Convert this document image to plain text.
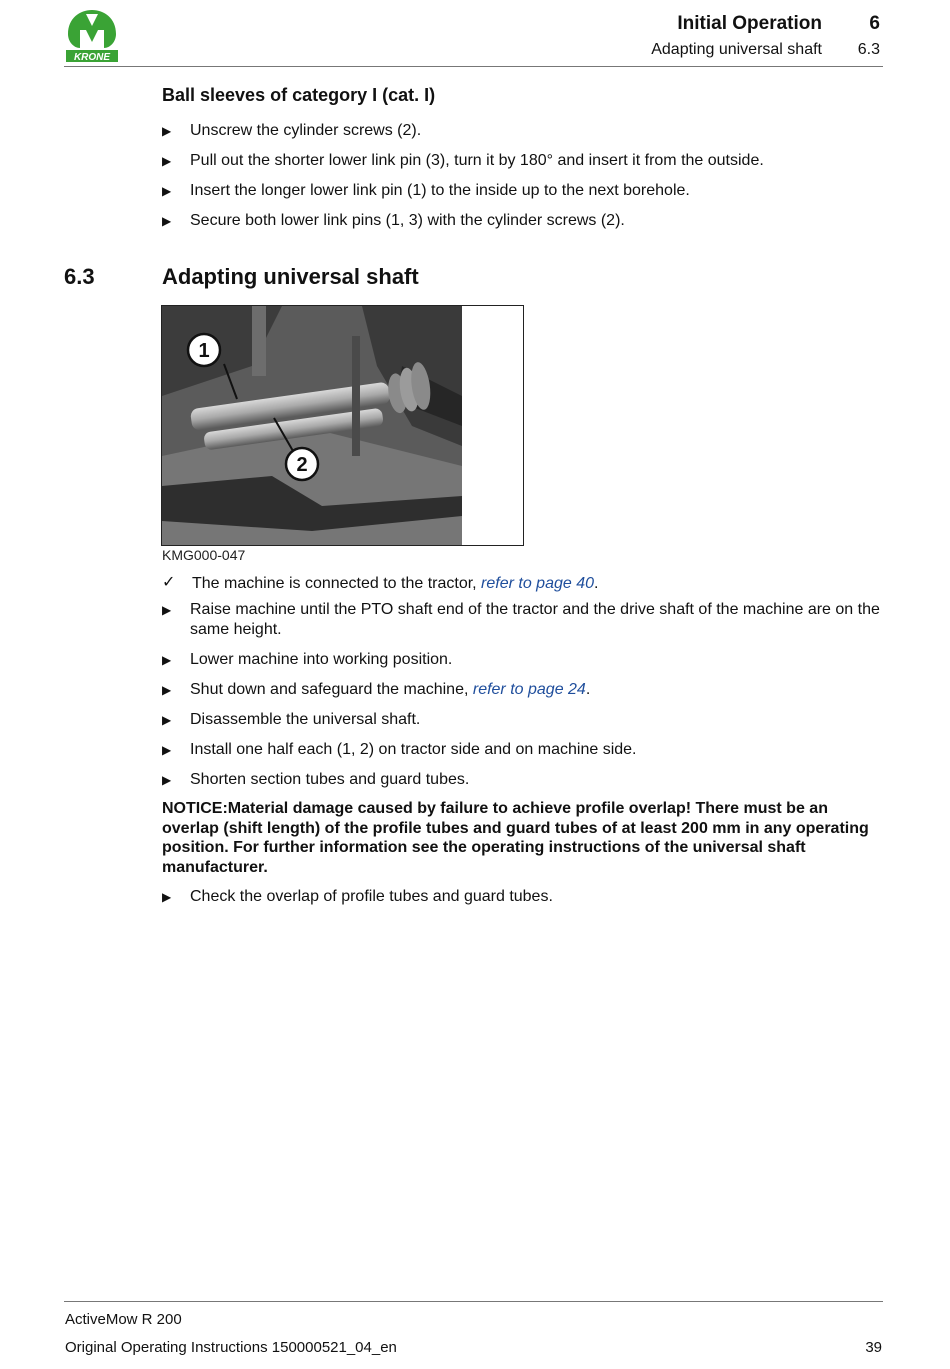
KRONE
Initial Operation 6
Adapting universal shaft 6.3
Ball sleeves of category I (cat. I)
▶ Unscrew the cylinder screws (2).
▶ Pull out the shorter lower link pin (3), turn it by 180° and insert it from the outside.
▶ Insert the longer lower link pin (1) to the inside up to the next borehole.
▶ Secure both lower link pins (1, 3) with the cylinder screws (2).
6.3	Adapting universal shaft
1
2
KMG000-047
✓ The machine is connected to the tractor, refer to page 40.
▶ Raise machine until the PTO shaft end of the tractor and the drive shaft of the machine are on the same height.
▶ Lower machine into working position.
▶ Shut down and safeguard the machine, refer to page 24.
▶ Disassemble the universal shaft.
▶ Install one half each (1, 2) on tractor side and on machine side.
▶ Shorten section tubes and guard tubes.
NOTICE:Material damage caused by failure to achieve profile overlap! There must be an overlap (shift length) of the profile tubes and guard tubes of at least 200 mm in any operating position. For further information see the operating instructions of the universal shaft manufacturer.
▶ Check the overlap of profile tubes and guard tubes.
ActiveMow R 200
Original Operating Instructions 150000521_04_en	39
